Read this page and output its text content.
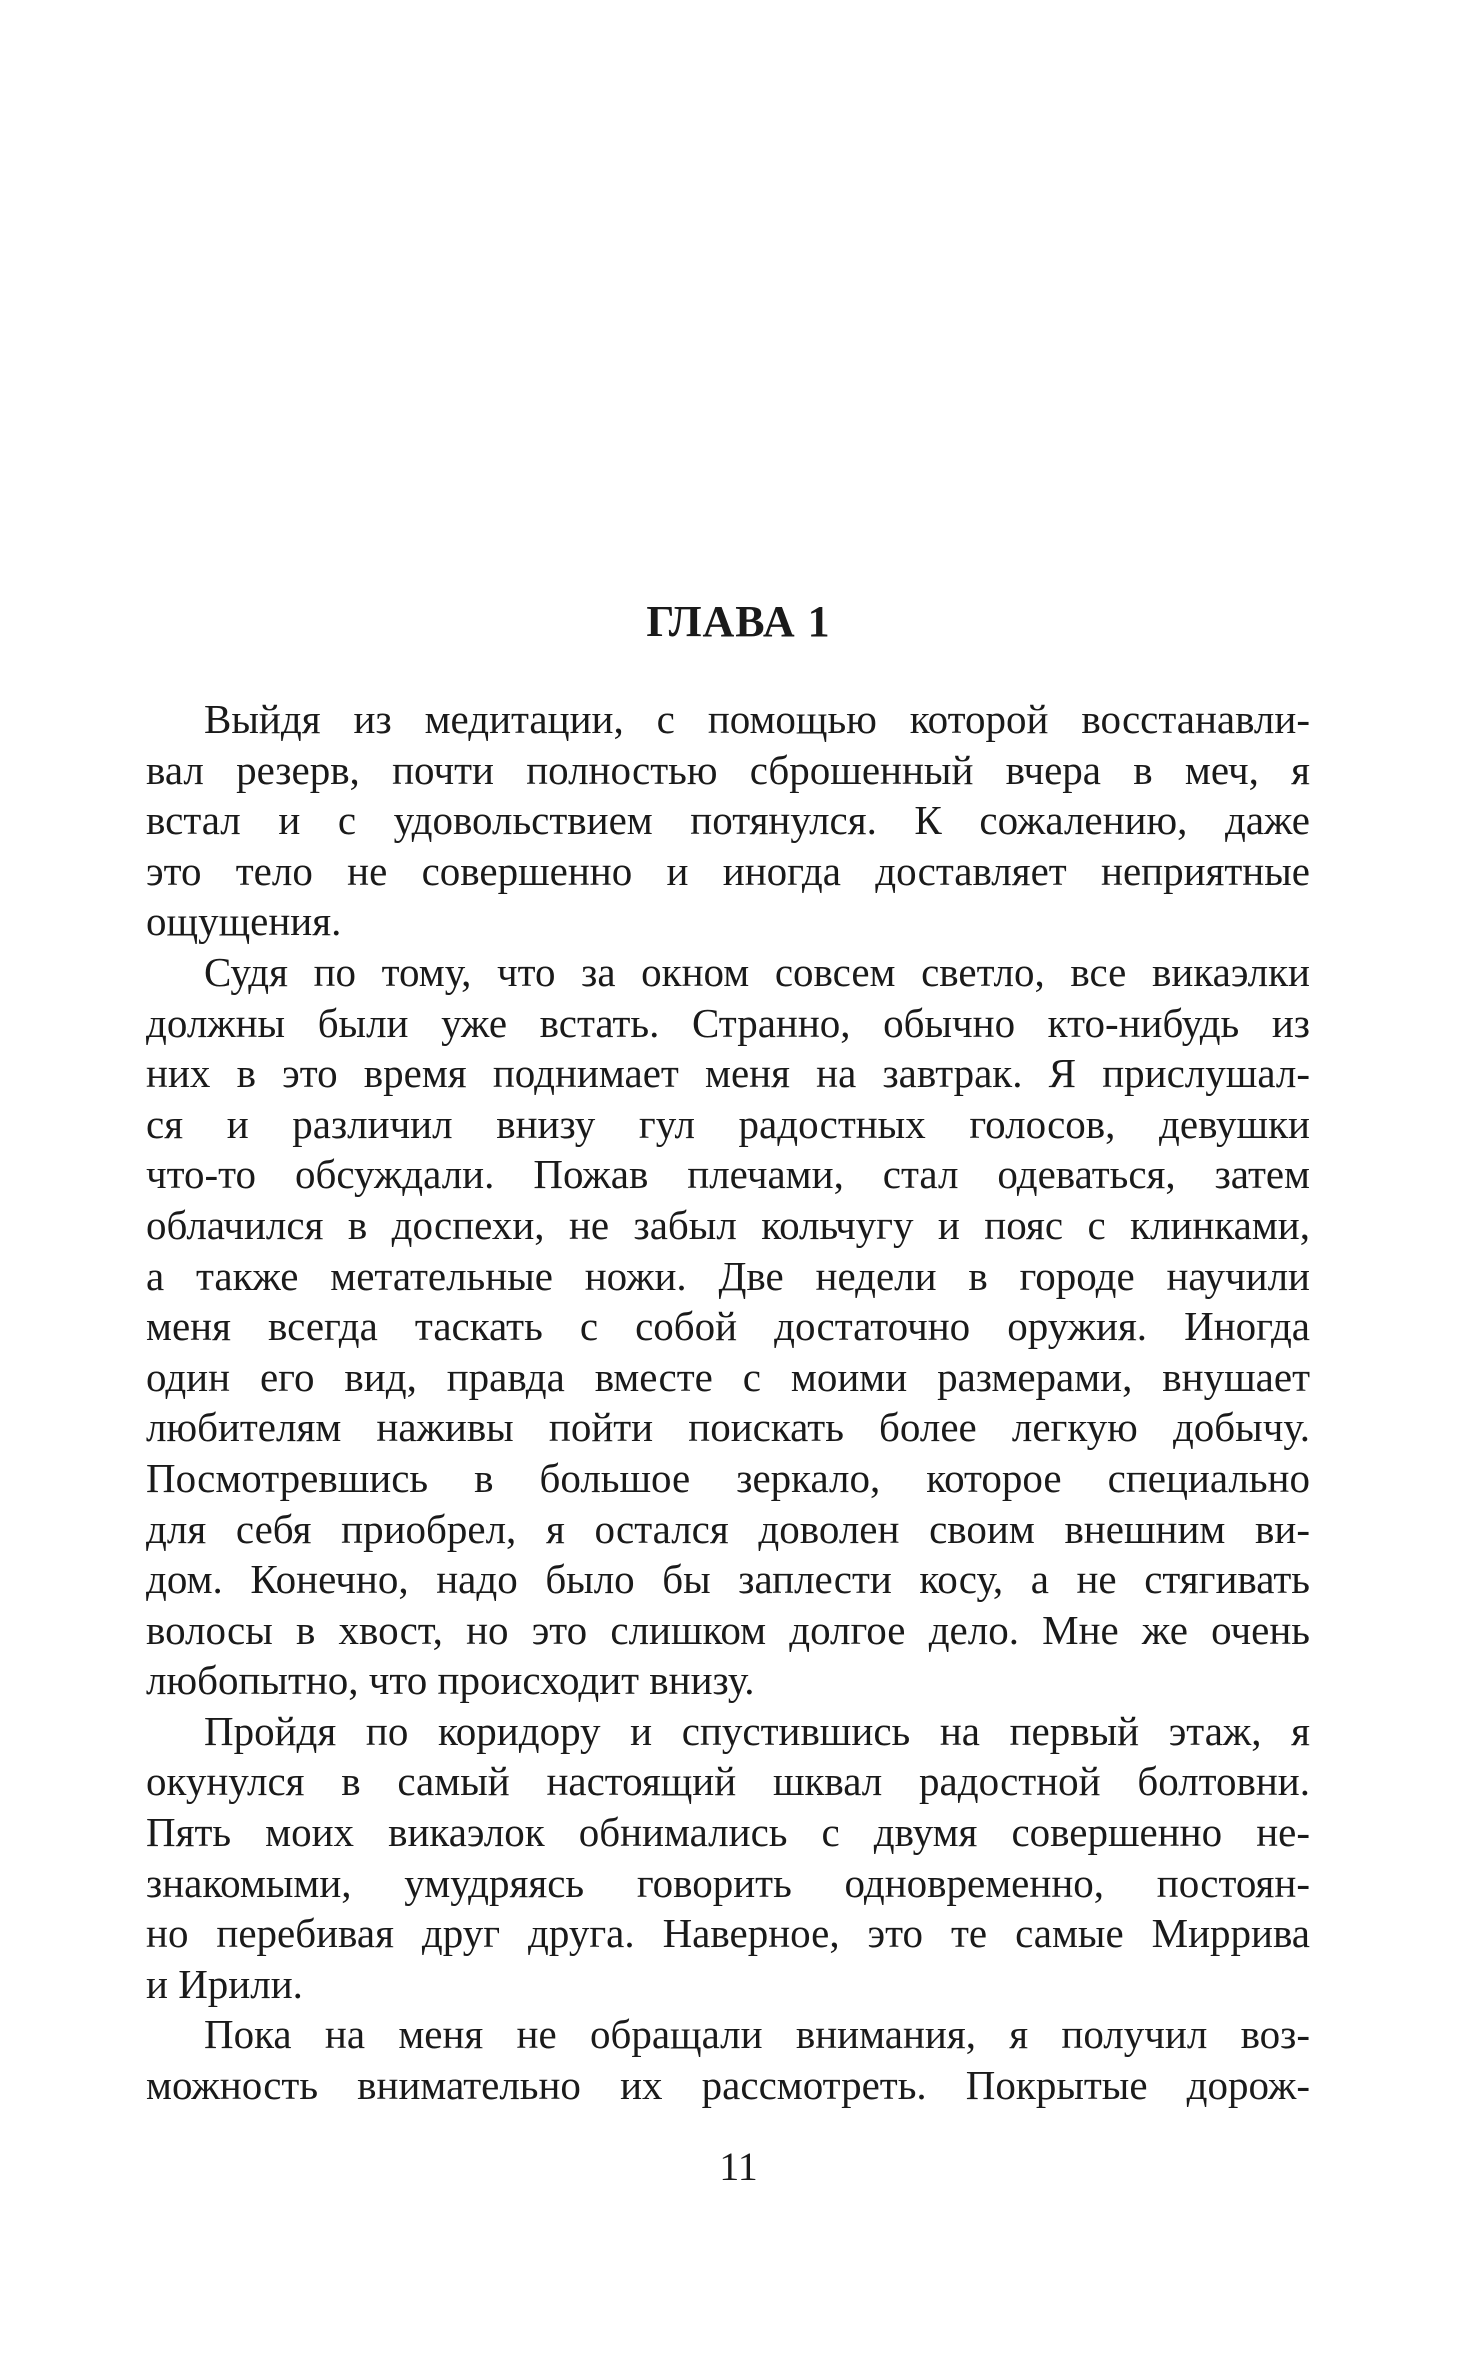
ГЛАВА 1
Выйдя из медитации, с помощью которой восстанавли-
вал резерв, почти полностью сброшенный вчера в меч, я
встал и с удовольствием потянулся. К сожалению, даже
это тело не совершенно и иногда доставляет неприятные
ощущения.
Судя по тому, что за окном совсем светло, все викаэлки
должны были уже встать. Странно, обычно кто-нибудь из
них в это время поднимает меня на завтрак. Я прислушал-
ся и различил внизу гул радостных голосов, девушки
что-то обсуждали. Пожав плечами, стал одеваться, затем
облачился в доспехи, не забыл кольчугу и пояс с клинками,
а также метательные ножи. Две недели в городе научили
меня всегда таскать с собой достаточно оружия. Иногда
один его вид, правда вместе с моими размерами, внушает
любителям наживы пойти поискать более легкую добычу.
Посмотревшись в большое зеркало, которое специально
для себя приобрел, я остался доволен своим внешним ви-
дом. Конечно, надо было бы заплести косу, а не стягивать
волосы в хвост, но это слишком долгое дело. Мне же очень
любопытно, что происходит внизу.
Пройдя по коридору и спустившись на первый этаж, я
окунулся в самый настоящий шквал радостной болтовни.
Пять моих викаэлок обнимались с двумя совершенно не-
знакомыми, умудряясь говорить одновременно, постоян-
но перебивая друг друга. Наверное, это те самые Миррива
и Ирили.
Пока на меня не обращали внимания, я получил воз-
можность внимательно их рассмотреть. Покрытые дорож-
11
